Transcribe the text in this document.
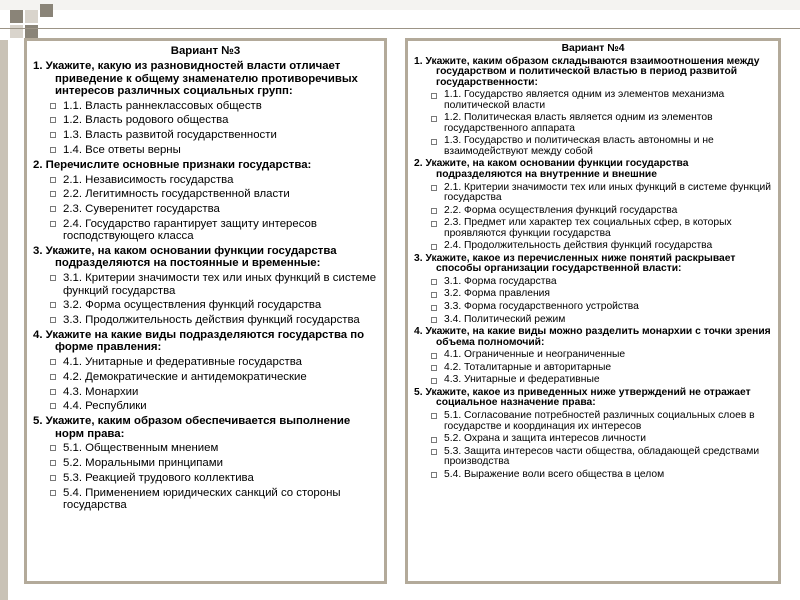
Вариант №3
1. Укажите, какую из разновидностей власти отличает приведение к общему знаменателю противоречивых интересов различных социальных групп:
1.1. Власть раннеклассовых обществ
1.2. Власть родового общества
1.3. Власть развитой государственности
1.4. Все ответы верны
2. Перечислите основные признаки государства:
2.1. Независимость государства
2.2. Легитимность государственной власти
2.3. Суверенитет государства
2.4. Государство гарантирует защиту интересов господствующего класса
3. Укажите, на каком основании функции государства подразделяются на постоянные и временные:
3.1. Критерии значимости тех или иных функций в системе функций государства
3.2. Форма осуществления функций государства
3.3. Продолжительность действия функций государства
4. Укажите на какие виды подразделяются государства по форме правления:
4.1. Унитарные и федеративные государства
4.2. Демократические и антидемократические
4.3. Монархии
4.4. Республики
5. Укажите, каким образом обеспечивается выполнение норм права:
5.1. Общественным мнением
5.2. Моральными принципами
5.3. Реакцией трудового коллектива
5.4. Применением юридических санкций со стороны государства
Вариант №4
1. Укажите, каким образом складываются взаимоотношения между государством и политической властью в период развитой государственности:
1.1. Государство является одним из элементов механизма политической власти
1.2. Политическая власть является одним из элементов государственного аппарата
1.3. Государство и политическая власть автономны и не взаимодействуют между собой
2. Укажите, на каком основании функции государства подразделяются на внутренние и внешние
2.1. Критерии значимости тех или иных функций в системе функций государства
2.2. Форма осуществления функций государства
2.3. Предмет или характер тех социальных сфер, в которых проявляются функции государства
2.4. Продолжительность действия функций государства
3. Укажите, какое из перечисленных ниже понятий раскрывает способы организации государственной власти:
3.1. Форма государства
3.2. Форма правления
3.3. Форма государственного устройства
3.4. Политический режим
4. Укажите, на какие виды можно разделить монархии с точки зрения объема полномочий:
4.1. Ограниченные и неограниченные
4.2. Тоталитарные и авторитарные
4.3. Унитарные и федеративные
5. Укажите, какое из приведенных ниже утверждений не отражает социальное назначение права:
5.1. Согласование потребностей различных социальных слоев в государстве и координация их интересов
5.2. Охрана и защита интересов личности
5.3. Защита интересов части общества, обладающей средствами производства
5.4. Выражение воли всего общества в целом
